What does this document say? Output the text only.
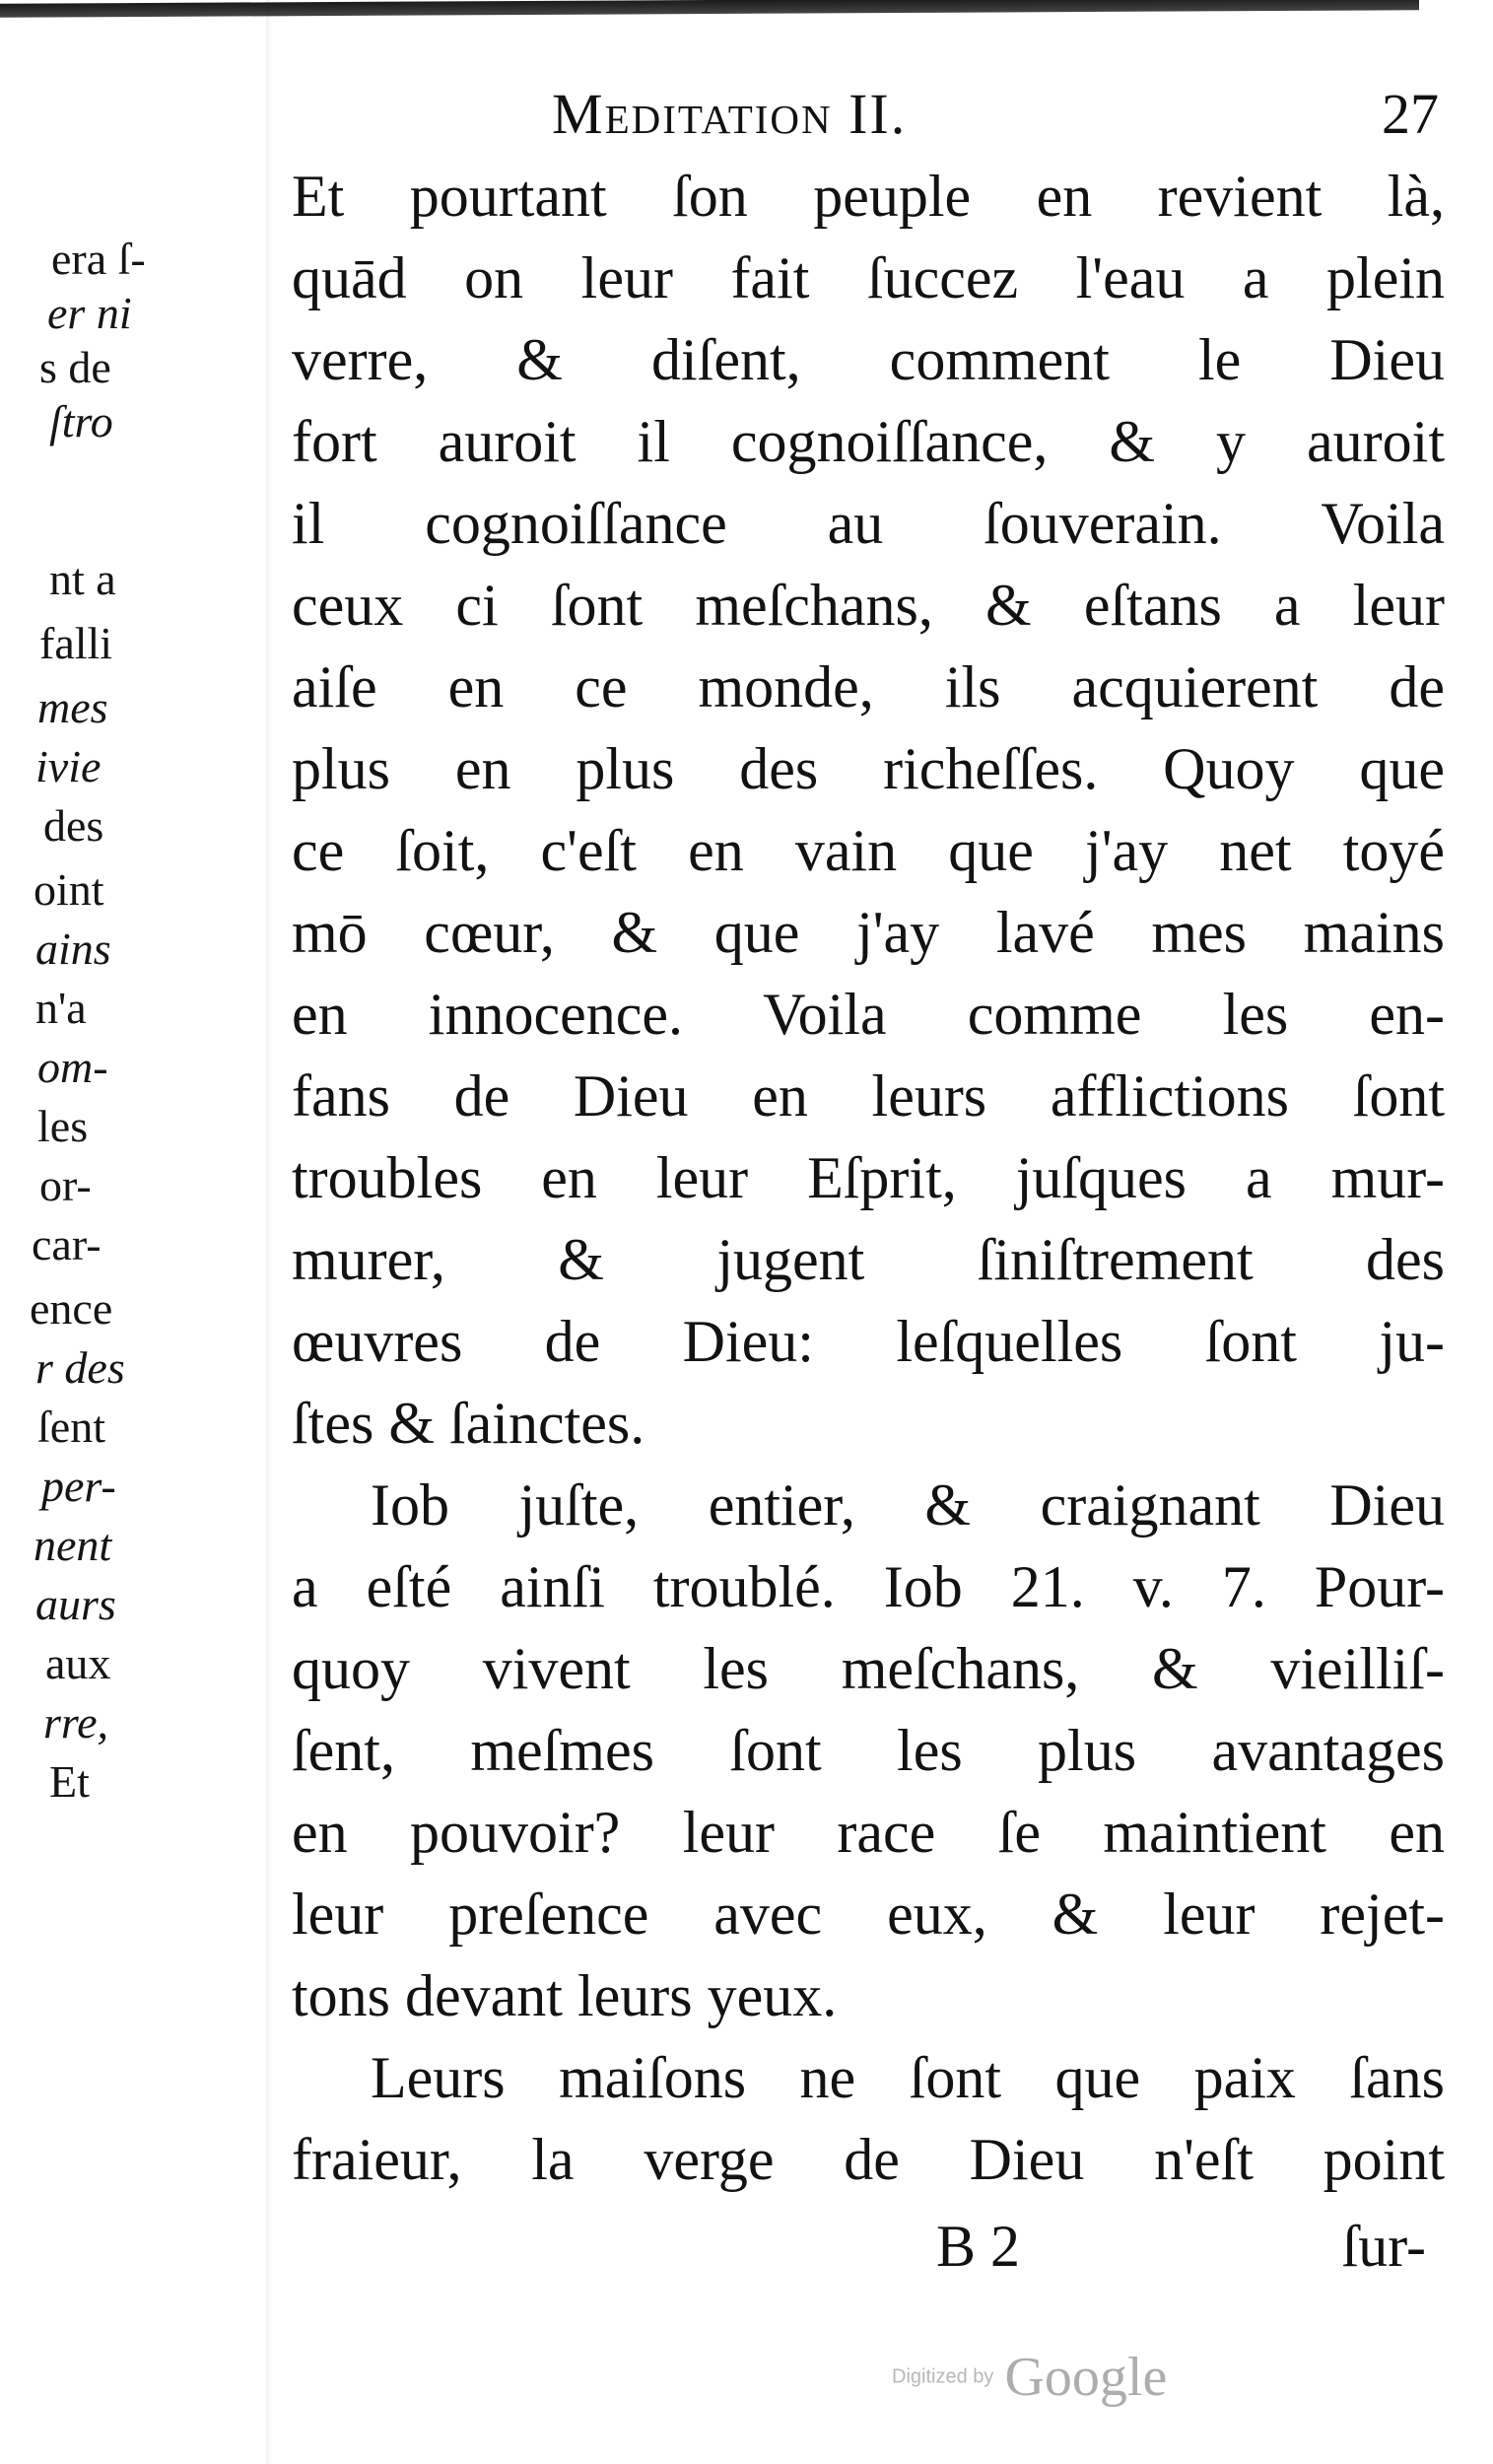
era ſ-
er ni
s de
ſtro
nt a
falli
mes
ivie
des
oint
ains
n'a
om-
les
or-
car-
ence
r des
ſent
per-
nent
aurs
aux
rre,
Et
Meditation II.	27
Et pourtant ſon peuple en revient là,
quād on leur fait ſuccez l'eau a plein
verre, & diſent, comment le Dieu
fort auroit il cognoiſſance, & y auroit
il cognoiſſance au ſouverain. Voila
ceux ci ſont meſchans, & eſtans a leur
aiſe en ce monde, ils acquierent de
plus en plus des richeſſes. Quoy que
ce ſoit, c'eſt en vain que j'ay net toyé
mō cœur, & que j'ay lavé mes mains
en innocence. Voila comme les en-
fans de Dieu en leurs afflictions ſont
troubles en leur Eſprit, juſques a mur-
murer, & jugent ſiniſtrement des
œuvres de Dieu: leſquelles ſont ju-
ſtes & ſainctes.
Iob juſte, entier, & craignant Dieu
a eſté ainſi troublé. Iob 21. v. 7. Pour-
quoy vivent les meſchans, & vieilliſ-
ſent, meſmes ſont les plus avantages
en pouvoir? leur race ſe maintient en
leur preſence avec eux, & leur rejet-
tons devant leurs yeux.
Leurs maiſons ne ſont que paix ſans
fraieur, la verge de Dieu n'eſt point
B 2	ſur-
Digitized by Google
